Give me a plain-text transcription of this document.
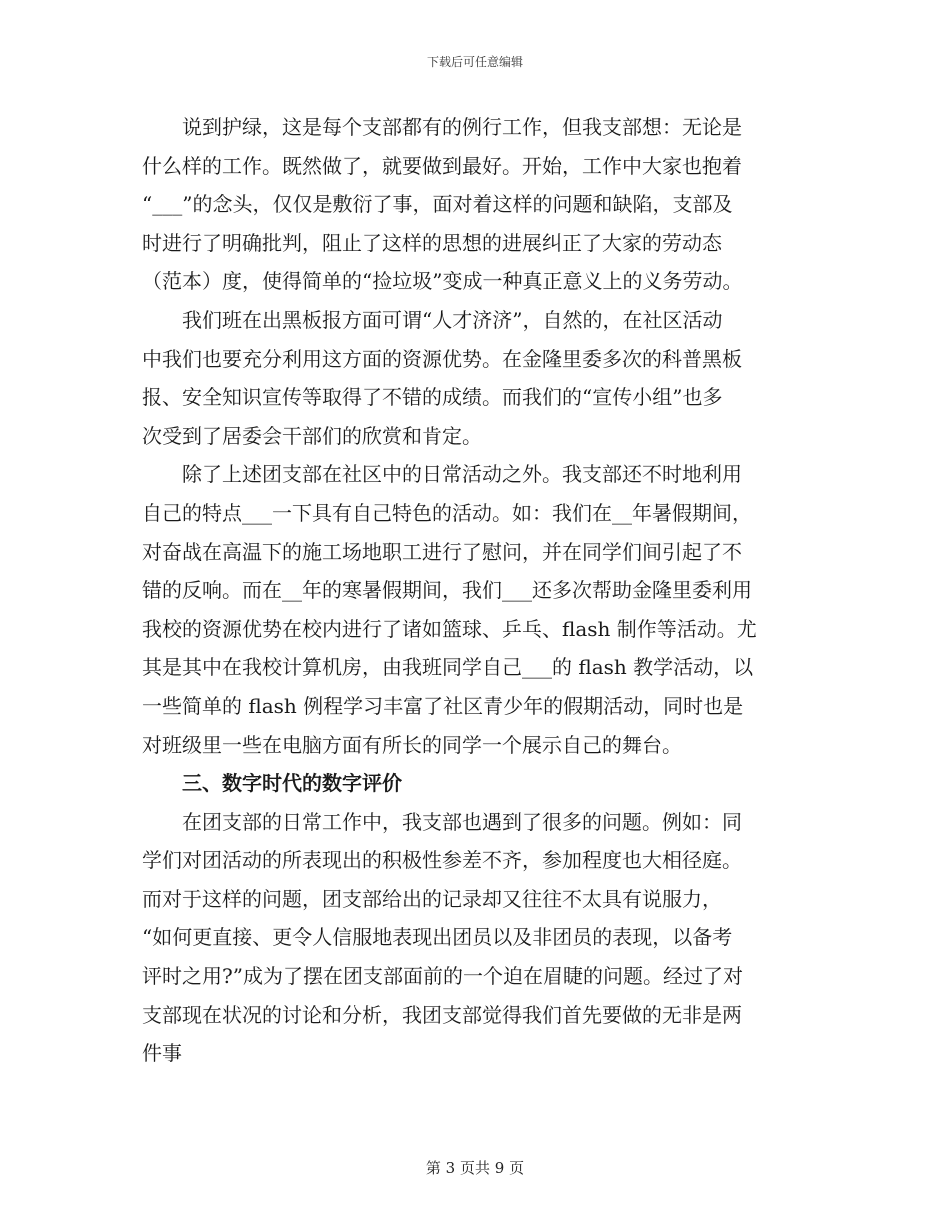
下载后可任意编辑
　　说到护绿，这是每个支部都有的例行工作，但我支部想：无论是
什么样的工作。既然做了，就要做到最好。开始，工作中大家也抱着
“___”的念头，仅仅是敷衍了事，面对着这样的问题和缺陷，支部及
时进行了明确批判，阻止了这样的思想的进展纠正了大家的劳动态
（范本）度，使得简单的“捡垃圾”变成一种真正意义上的义务劳动。
　　我们班在出黑板报方面可谓“人才济济”，自然的，在社区活动
中我们也要充分利用这方面的资源优势。在金隆里委多次的科普黑板
报、安全知识宣传等取得了不错的成绩。而我们的“宣传小组”也多
次受到了居委会干部们的欣赏和肯定。
　　除了上述团支部在社区中的日常活动之外。我支部还不时地利用
自己的特点___一下具有自己特色的活动。如：我们在__年暑假期间，
对奋战在高温下的施工场地职工进行了慰问，并在同学们间引起了不
错的反响。而在__年的寒暑假期间，我们___还多次帮助金隆里委利用
我校的资源优势在校内进行了诸如篮球、乒乓、flash 制作等活动。尤
其是其中在我校计算机房，由我班同学自己___的 flash 教学活动，以
一些简单的 flash 例程学习丰富了社区青少年的假期活动，同时也是
对班级里一些在电脑方面有所长的同学一个展示自己的舞台。
　　三、数字时代的数字评价
　　在团支部的日常工作中，我支部也遇到了很多的问题。例如：同
学们对团活动的所表现出的积极性参差不齐，参加程度也大相径庭。
而对于这样的问题，团支部给出的记录却又往往不太具有说服力，
“如何更直接、更令人信服地表现出团员以及非团员的表现，以备考
评时之用?”成为了摆在团支部面前的一个迫在眉睫的问题。经过了对
支部现在状况的讨论和分析，我团支部觉得我们首先要做的无非是两
件事
第 3 页共 9 页
